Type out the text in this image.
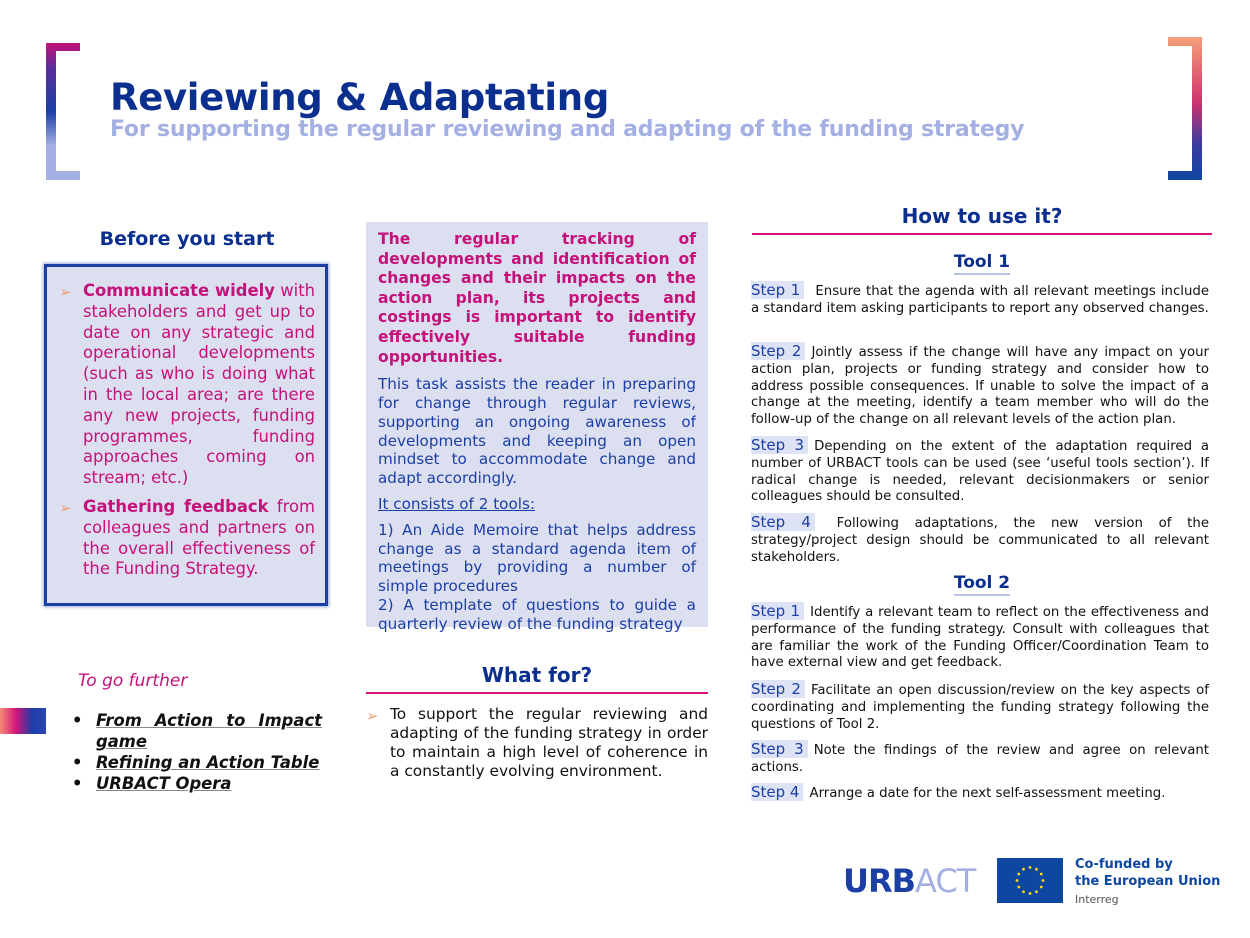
Reviewing & Adaptating
For supporting the regular reviewing and adapting of the funding strategy
Before you start
➢ Communicate widely with stakeholders and get up to date on any strategic and operational developments (such as who is doing what in the local area; are there any new projects, funding programmes, funding approaches coming on stream; etc.)
➢ Gathering feedback from colleagues and partners on the overall effectiveness of the Funding Strategy.

The regular tracking of developments and identification of changes and their impacts on the action plan, its projects and costings is important to identify effectively suitable funding opportunities.

This task assists the reader in preparing for change through regular reviews, supporting an ongoing awareness of developments and keeping an open mindset to accommodate change and adapt accordingly.

It consists of 2 tools:

1) An Aide Memoire that helps address change as a standard agenda item of meetings by providing a number of simple procedures

2) A template of questions to guide a quarterly review of the funding strategy

To go further
• From Action to Impact game
• Refining an Action Table
• URBACT Opera
What for?
➢ To support the regular reviewing and adapting of the funding strategy in order to maintain a high level of coherence in a constantly evolving environment.
How to use it?
Tool 1
Step 1 Ensure that the agenda with all relevant meetings include a standard item asking participants to report any observed changes.
Step 2 Jointly assess if the change will have any impact on your action plan, projects or funding strategy and consider how to address possible consequences. If unable to solve the impact of a change at the meeting, identify a team member who will do the follow-up of the change on all relevant levels of the action plan.
Step 3 Depending on the extent of the adaptation required a number of URBACT tools can be used (see ‘useful tools section’). If radical change is needed, relevant decisionmakers or senior colleagues should be consulted.
Step 4 Following adaptations, the new version of the strategy/project design should be communicated to all relevant stakeholders.
Tool 2
Step 1 Identify a relevant team to reflect on the effectiveness and performance of the funding strategy. Consult with colleagues that are familiar the work of the Funding Officer/Coordination Team to have external view and get feedback.
Step 2 Facilitate an open discussion/review on the key aspects of coordinating and implementing the funding strategy following the questions of Tool 2.
Step 3 Note the findings of the review and agree on relevant actions.
Step 4 Arrange a date for the next self-assessment meeting.
URBACT	Co-funded by
the European Union
Interreg
